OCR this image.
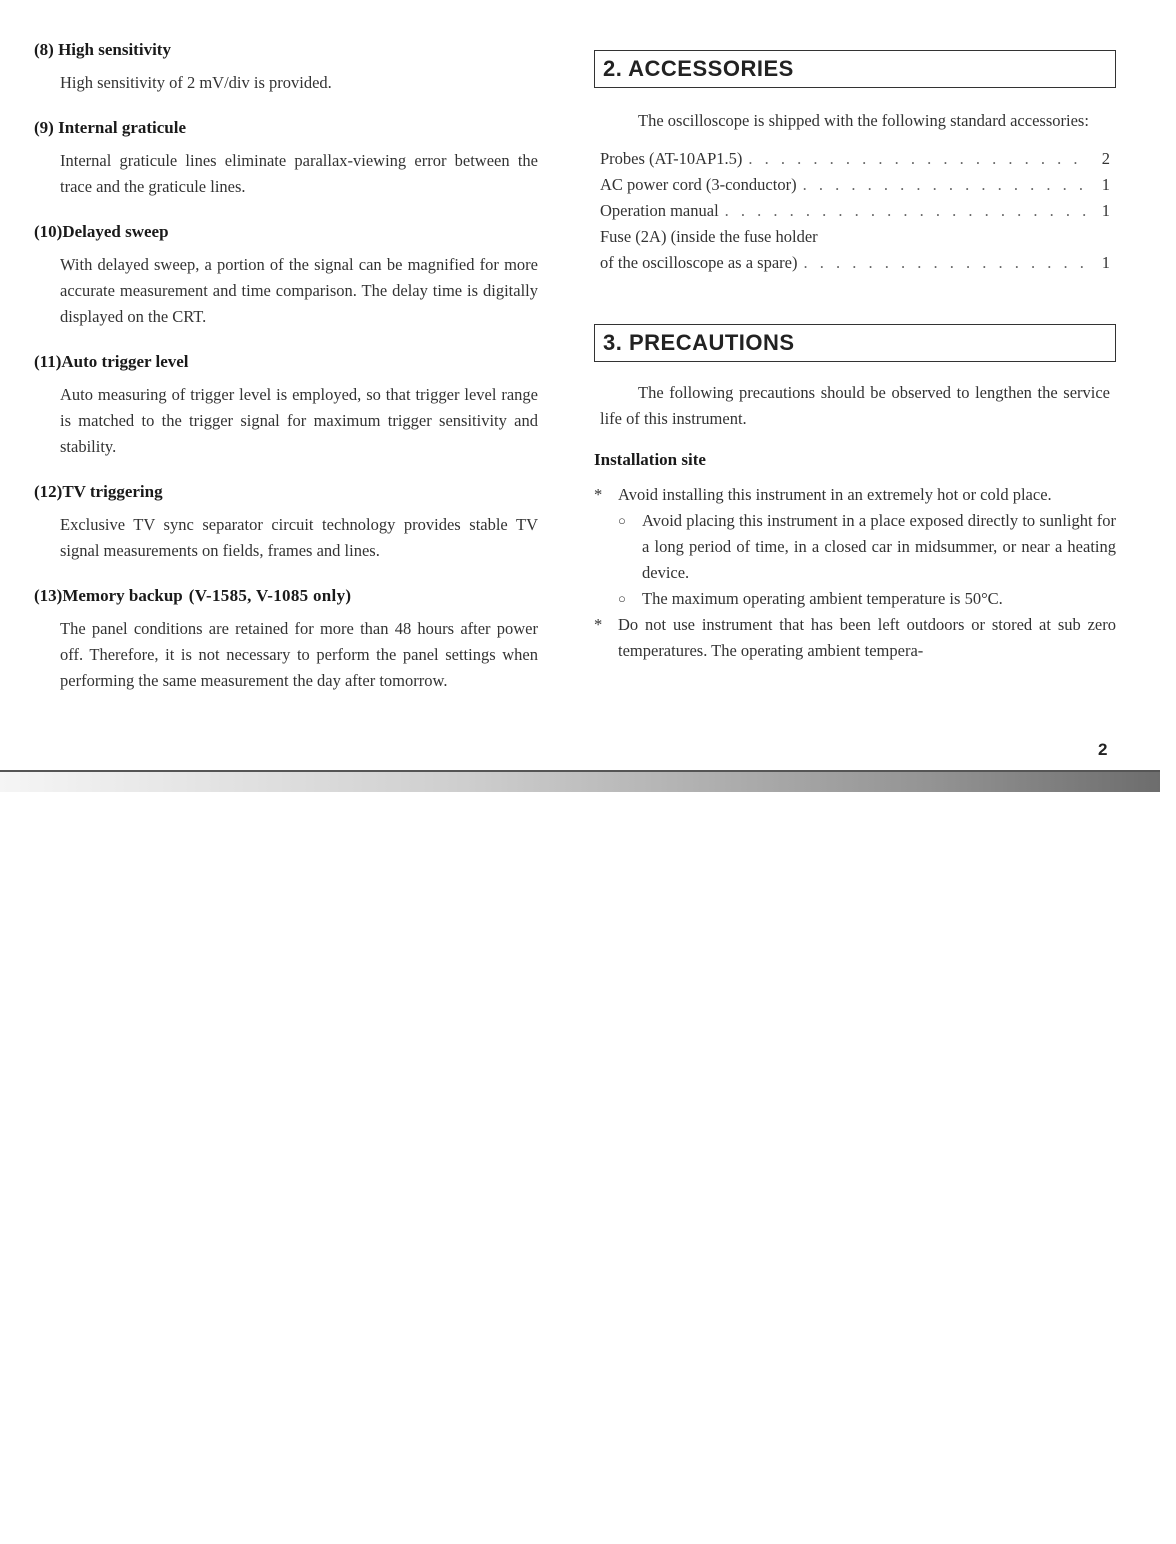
(8) High sensitivity
High sensitivity of 2 mV/div is provided.
(9) Internal graticule
Internal graticule lines eliminate parallax-viewing error between the trace and the graticule lines.
(10)Delayed sweep
With delayed sweep, a portion of the signal can be magnified for more accurate measurement and time comparison. The delay time is digitally displayed on the CRT.
(11)Auto trigger level
Auto measuring of trigger level is employed, so that trigger level range is matched to the trigger signal for maximum trigger sensitivity and stability.
(12)TV triggering
Exclusive TV sync separator circuit technology provides stable TV signal measurements on fields, frames and lines.
(13)Memory backup (V-1585, V-1085 only)
The panel conditions are retained for more than 48 hours after power off. Therefore, it is not necessary to perform the panel settings when performing the same measurement the day after tomorrow.
2. ACCESSORIES
The oscilloscope is shipped with the following standard accessories:
Probes (AT-10AP1.5) . . .	2
AC power cord (3-conductor) . . .	1
Operation manual . . .	1
Fuse (2A) (inside the fuse holder
of the oscilloscope as a spare) . . .	1
3. PRECAUTIONS
The following precautions should be observed to lengthen the service life of this instrument.
Installation site
* Avoid installing this instrument in an extremely hot or cold place.
○ Avoid placing this instrument in a place exposed directly to sunlight for a long period of time, in a closed car in midsummer, or near a heating device.
○ The maximum operating ambient temperature is 50°C.
* Do not use instrument that has been left outdoors or stored at sub zero temperatures. The operating ambient tempera-
2
